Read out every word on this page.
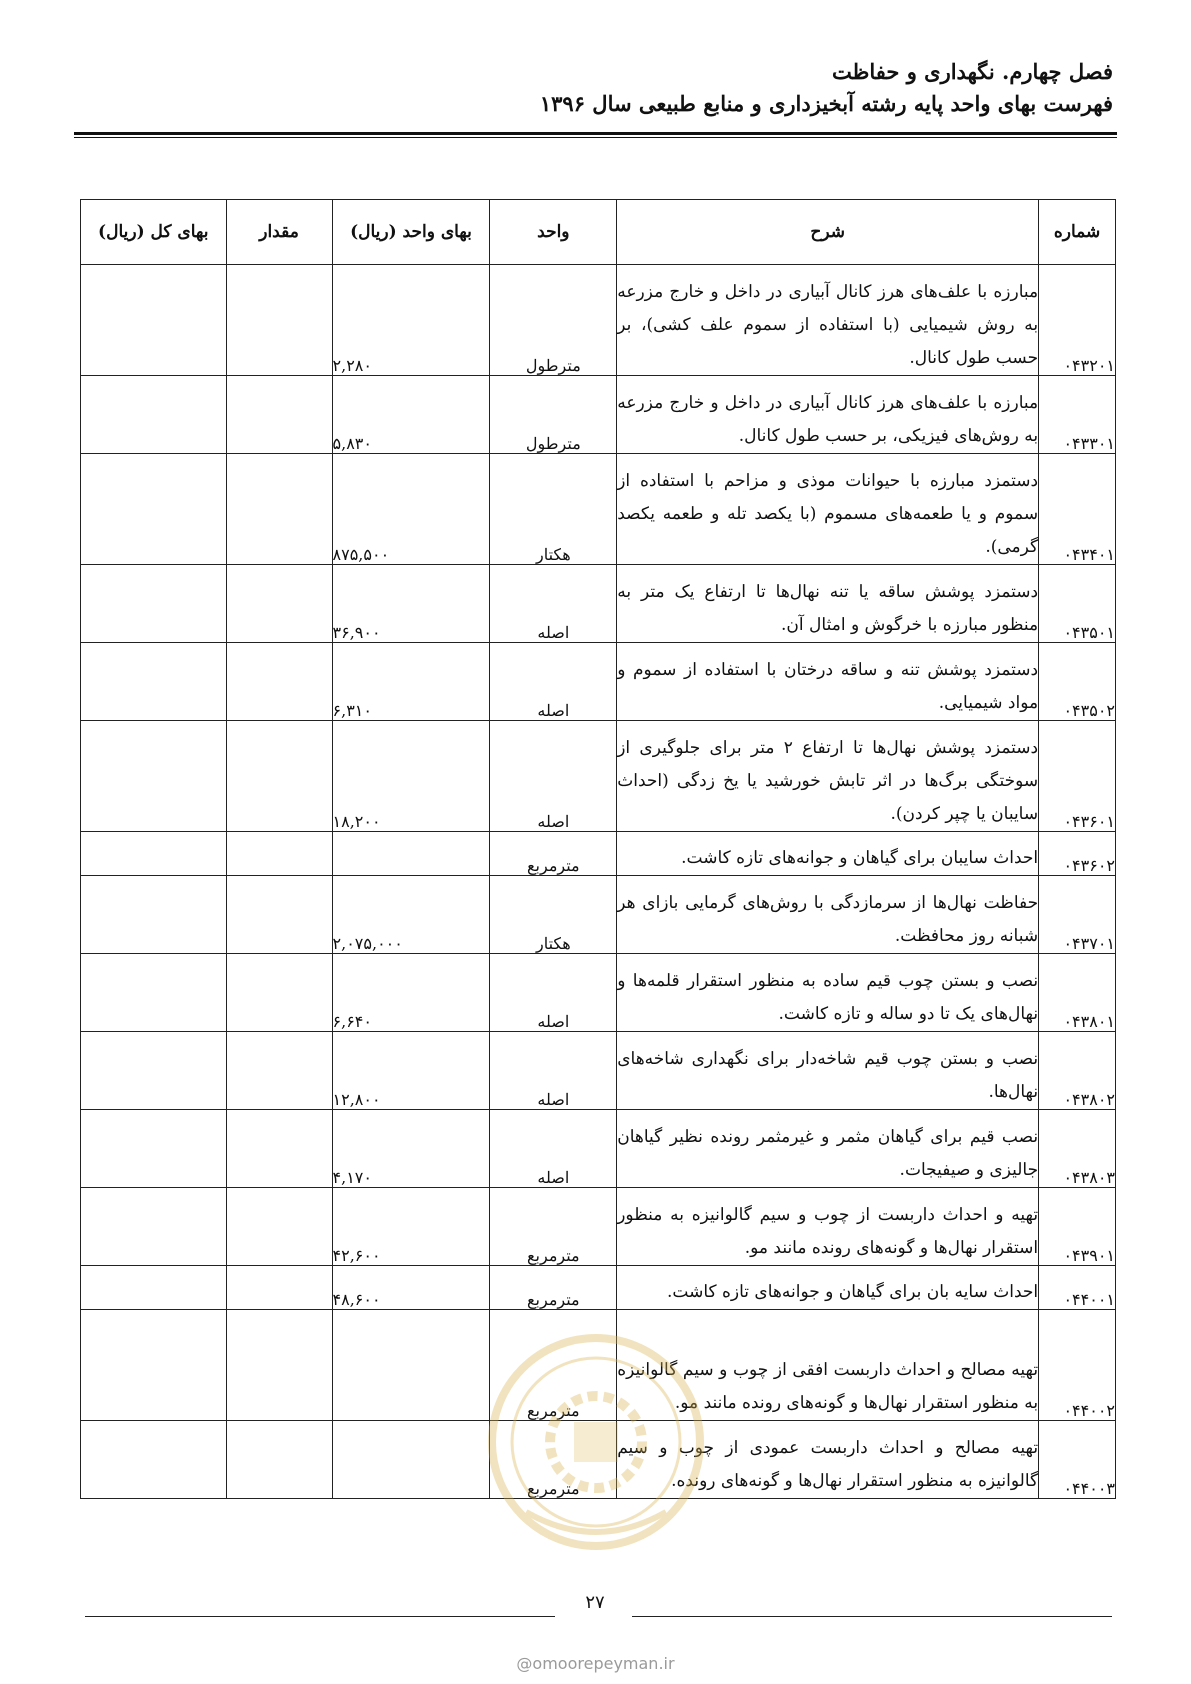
فصل چهارم. نگهداری و حفاظت
فهرست بهای واحد پایه رشته آبخیزداری و منابع طبیعی سال ۱۳۹۶
شماره	شرح	واحد	بهای واحد (ریال)	مقدار	بهای کل (ریال)
۰۴۳۲۰۱	مبارزه با علف‌های هرز کانال آبیاری در داخل و خارج مزرعه به روش شیمیایی (با استفاده از سموم علف کشی)، بر حسب طول کانال.	مترطول	۲,۲۸۰		
۰۴۳۳۰۱	مبارزه با علف‌های هرز کانال آبیاری در داخل و خارج مزرعه به روش‌های فیزیکی، بر حسب طول کانال.	مترطول	۵,۸۳۰		
۰۴۳۴۰۱	دستمزد مبارزه با حیوانات موذی و مزاحم با استفاده از سموم و یا طعمه‌های مسموم (با یکصد تله و طعمه یکصد گرمی).	هکتار	۸۷۵,۵۰۰		
۰۴۳۵۰۱	دستمزد پوشش ساقه یا تنه نهال‌ها تا ارتفاع یک متر به منظور مبارزه با خرگوش و امثال آن.	اصله	۳۶,۹۰۰		
۰۴۳۵۰۲	دستمزد پوشش تنه و ساقه درختان با استفاده از سموم و مواد شیمیایی.	اصله	۶,۳۱۰		
۰۴۳۶۰۱	دستمزد پوشش نهال‌ها تا ارتفاع ۲ متر برای جلوگیری از سوختگی برگ‌ها در اثر تابش خورشید یا یخ زدگی (احداث سایبان یا چپر کردن).	اصله	۱۸,۲۰۰		
۰۴۳۶۰۲	احداث سایبان برای گیاهان و جوانه‌های تازه کاشت.	مترمربع			
۰۴۳۷۰۱	حفاظت نهال‌ها از سرمازدگی با روش‌های گرمایی بازای هر شبانه روز محافظت.	هکتار	۲,۰۷۵,۰۰۰		
۰۴۳۸۰۱	نصب و بستن چوب قیم ساده به منظور استقرار قلمه‌ها و نهال‌های یک تا دو ساله و تازه کاشت.	اصله	۶,۶۴۰		
۰۴۳۸۰۲	نصب و بستن چوب قیم شاخه‌دار برای نگهداری شاخه‌های نهال‌ها.	اصله	۱۲,۸۰۰		
۰۴۳۸۰۳	نصب قیم برای گیاهان مثمر و غیرمثمر رونده نظیر گیاهان جالیزی و صیفیجات.	اصله	۴,۱۷۰		
۰۴۳۹۰۱	تهیه و احداث داربست از چوب و سیم گالوانیزه به منظور استقرار نهال‌ها و گونه‌های رونده مانند مو.	مترمربع	۴۲,۶۰۰		
۰۴۴۰۰۱	احداث سایه بان برای گیاهان و جوانه‌های تازه کاشت.	مترمربع	۴۸,۶۰۰		
۰۴۴۰۰۲	تهیه مصالح و احداث داربست افقی از چوب و سیم گالوانیزه به منظور استقرار نهال‌ها و گونه‌های رونده مانند مو.	مترمربع			
۰۴۴۰۰۳	تهیه مصالح و احداث داربست عمودی از چوب و سیم گالوانیزه به منظور استقرار نهال‌ها و گونه‌های رونده.	مترمربع			
۲۷
@omoorepeyman.ir
